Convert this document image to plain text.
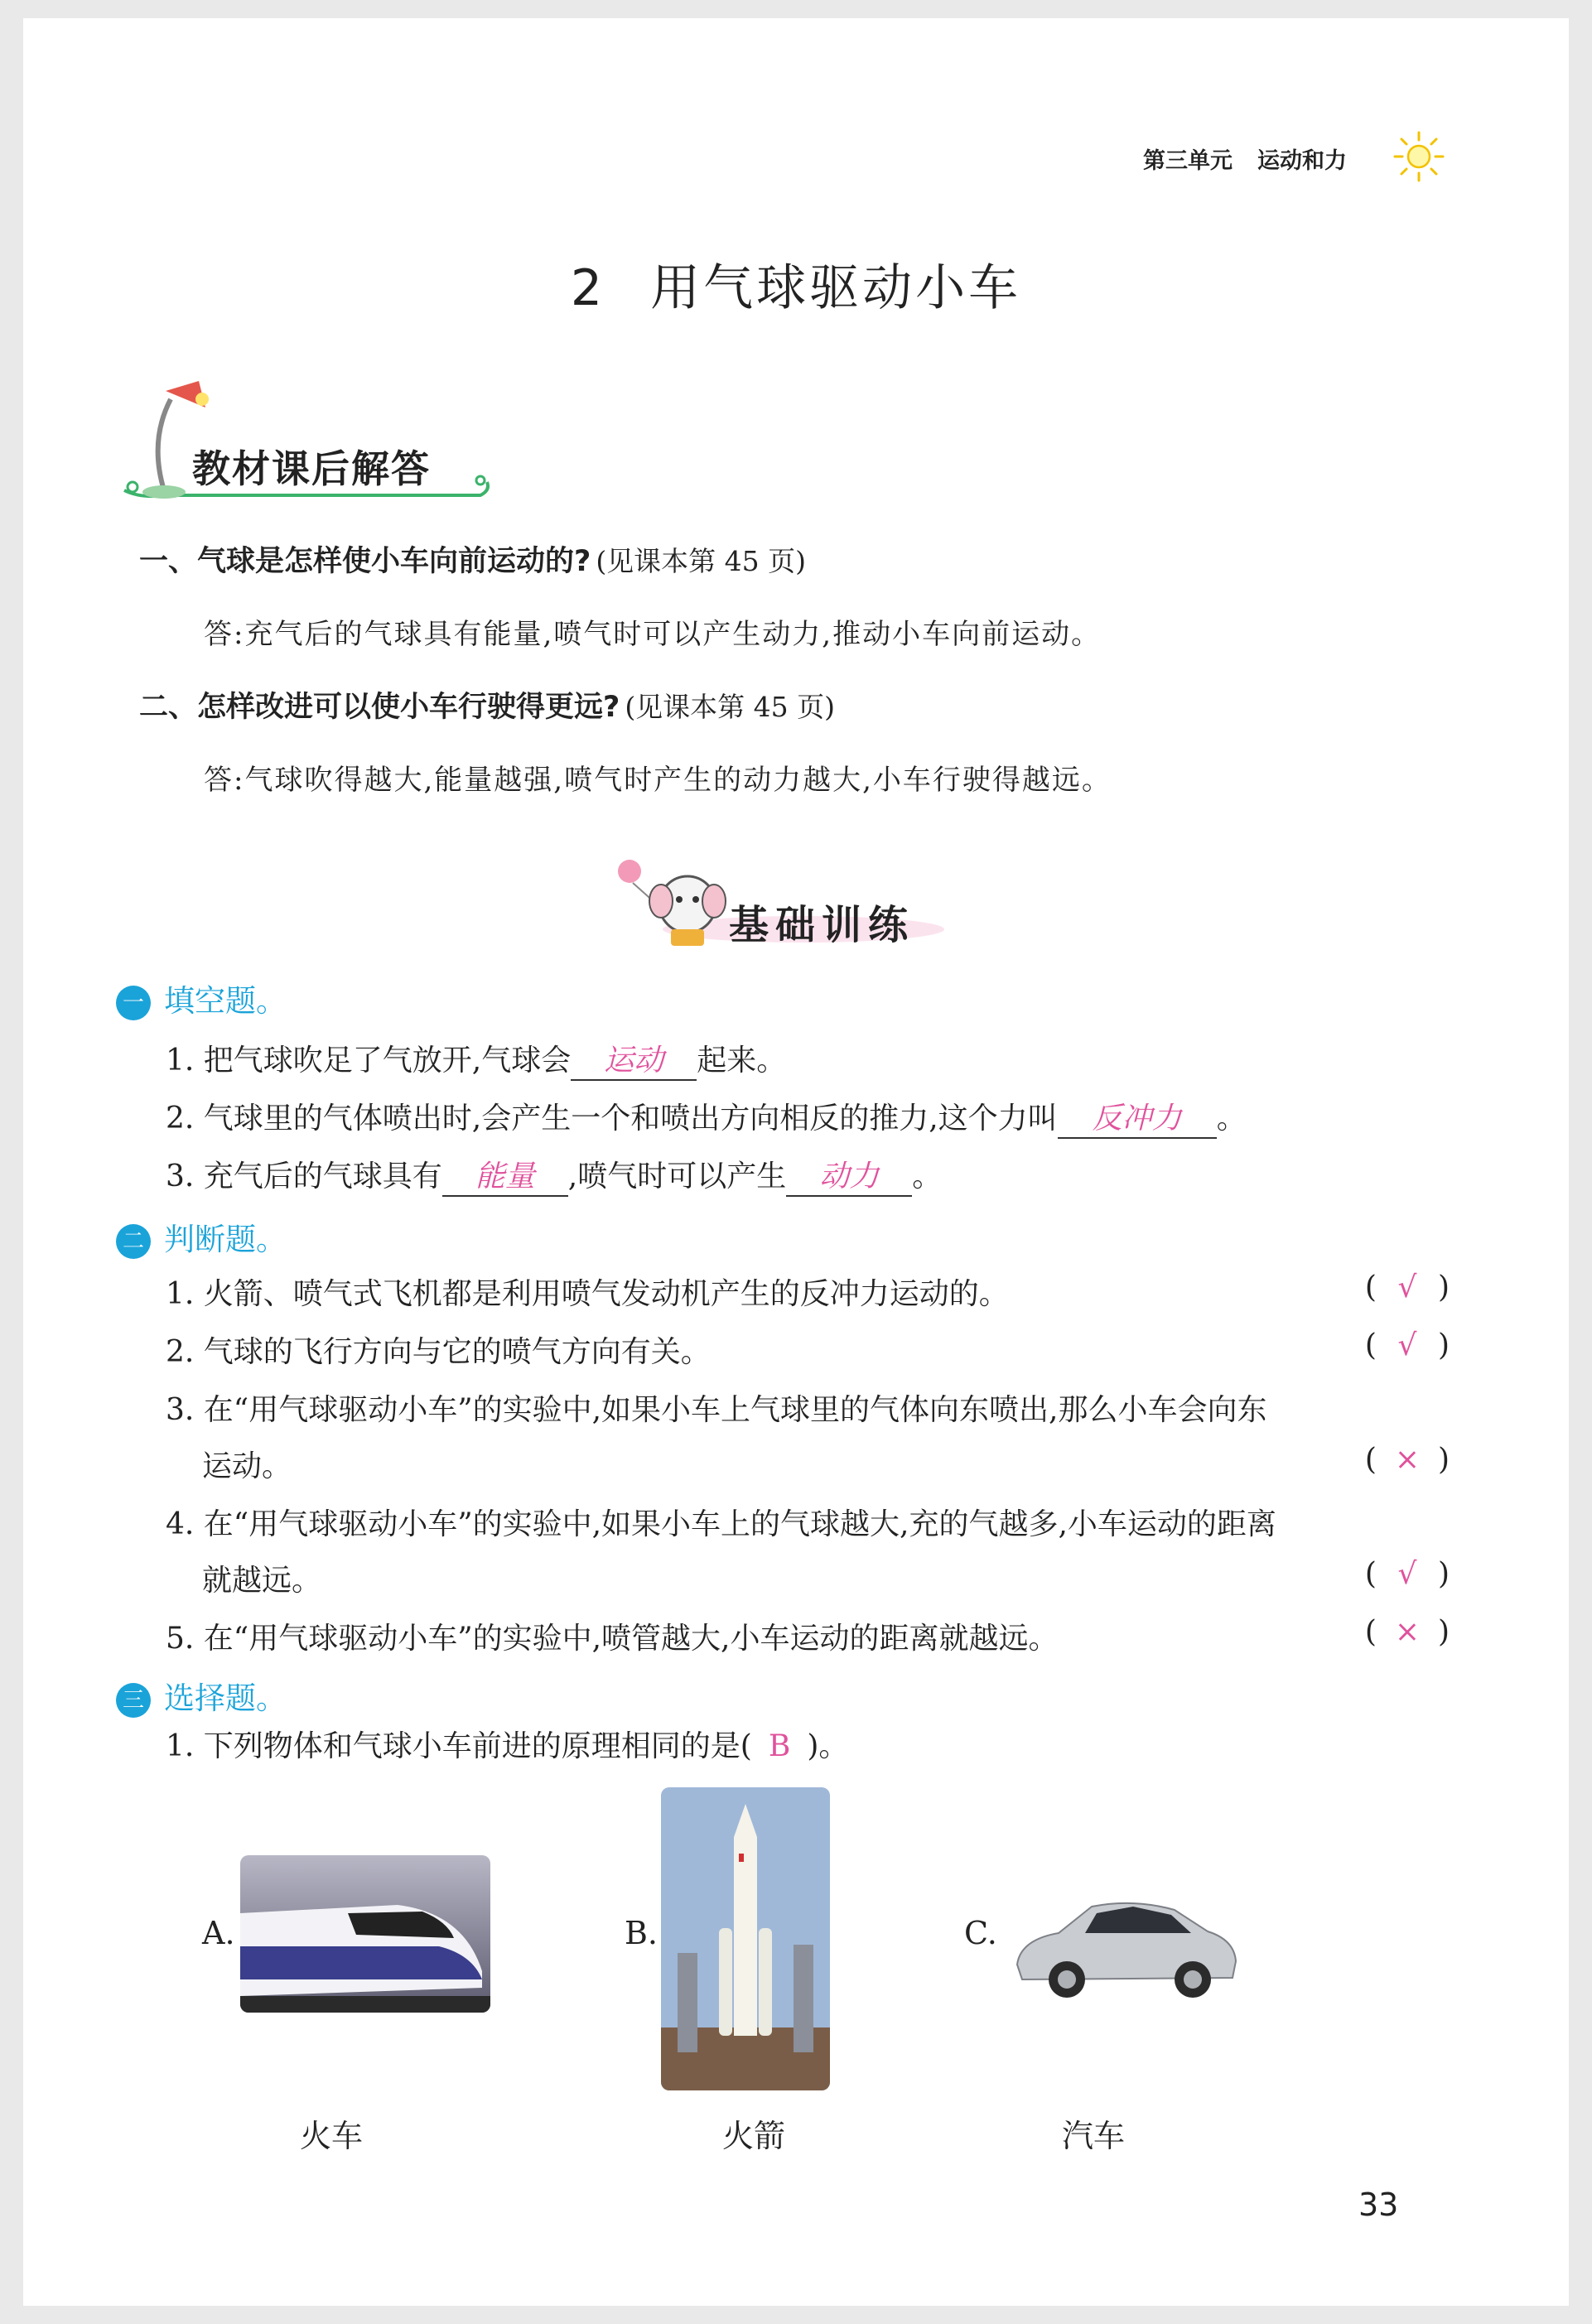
第三单元 运动和力
2 用气球驱动小车
教材课后解答
一、气球是怎样使小车向前运动的? (见课本第 45 页)
答:充气后的气球具有能量,喷气时可以产生动力,推动小车向前运动。
二、怎样改进可以使小车行驶得更远? (见课本第 45 页)
答:气球吹得越大,能量越强,喷气时产生的动力越大,小车行驶得越远。
基础训练
一 填空题。
1. 把气球吹足了气放开,气球会 运动 起来。
2. 气球里的气体喷出时,会产生一个和喷出方向相反的推力,这个力叫 反冲力 。
3. 充气后的气球具有 能量 ,喷气时可以产生 动力 。
二 判断题。
1. 火箭、喷气式飞机都是利用喷气发动机产生的反冲力运动的。	( √ )
2. 气球的飞行方向与它的喷气方向有关。	( √ )
3. 在“用气球驱动小车”的实验中,如果小车上气球里的气体向东喷出,那么小车会向东
运动。	( × )
4. 在“用气球驱动小车”的实验中,如果小车上的气球越大,充的气越多,小车运动的距离
就越远。	( √ )
5. 在“用气球驱动小车”的实验中,喷管越大,小车运动的距离就越远。	( × )
三 选择题。
1. 下列物体和气球小车前进的原理相同的是( B )。
A.	B.	C.
火车	火箭	汽车
33
